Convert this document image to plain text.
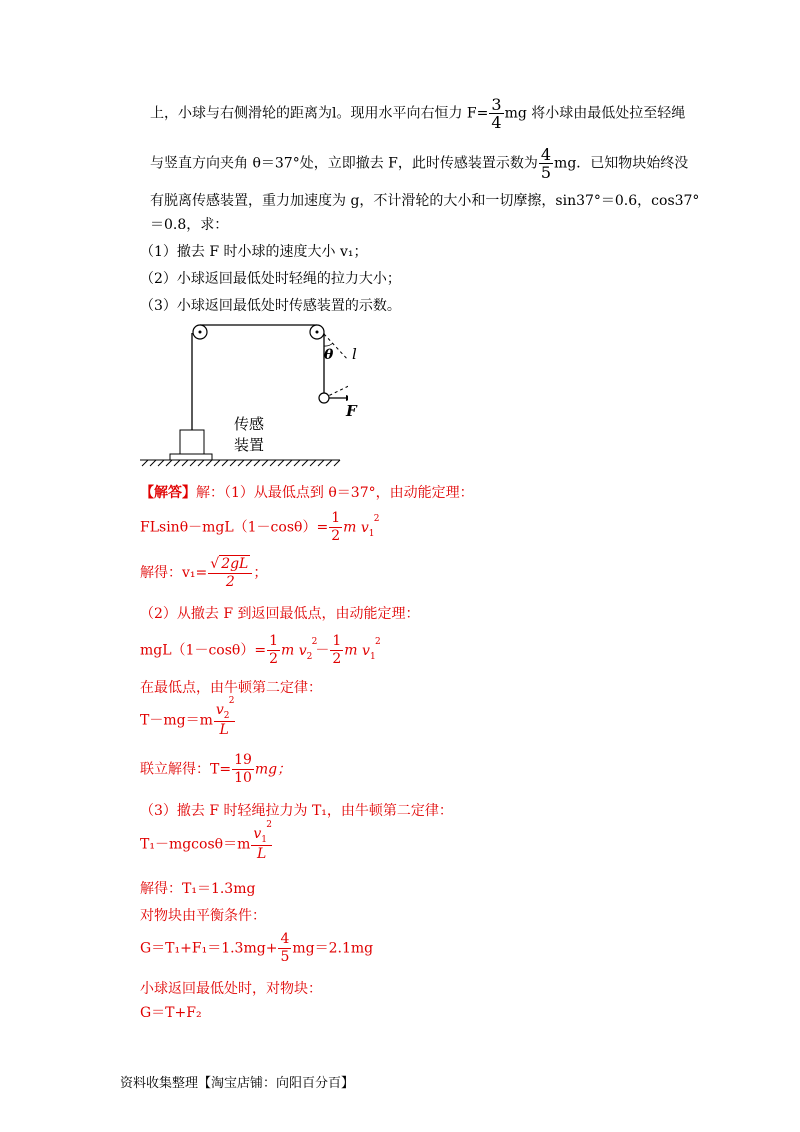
上，小球与右侧滑轮的距离为l。现用水平向右恒力 $F= \frac{3}{4}$ mg 将小球由最低处拉至轻绳
与竖直方向夹角 θ＝37°处，立即撤去 F，此时传感装置示数为 $\frac{4}{5}$ mg．已知物块始终没
有脱离传感装置，重力加速度为 g，不计滑轮的大小和一切摩擦，sin37°＝0.6，cos37°
＝0.8，求：
（1）撤去 F 时小球的速度大小 v₁；
（2）小球返回最低处时轻绳的拉力大小；
（3）小球返回最低处时传感装置的示数。
θ l
F
传感
装置
【解答】解：（1）从最低点到 θ＝37°，由动能定理：
$FLsin\theta-mgL(1-\cos\theta)= \frac{1}{2}$ m $v_1$
2
解得：$v_1= \frac{√ 2gL}{2}$ ；
（2）从撤去 F 到返回最低点，由动能定理：
$mgL(1-\cos\theta)= \frac{1}{2}$ m $v_2$
2
－ $\frac{1}{2}$ m $v_1$
2
在最低点，由牛顿第二定律：
T－mg＝m $v_2$
2
L
联立解得：$T= \frac{19}{10}$ mg；
（3）撤去 F 时轻绳拉力为 T₁，由牛顿第二定律：
T₁－mgcosθ＝m $v_1$
2
L
解得：T₁＝1.3mg
对物块由平衡条件：
$G=T_1+F_1=1.3mg+ \frac{4}{5} mg=2.1mg$
小球返回最低处时，对物块：
G＝T+F₂
资料收集整理【淘宝店铺：向阳百分百】
